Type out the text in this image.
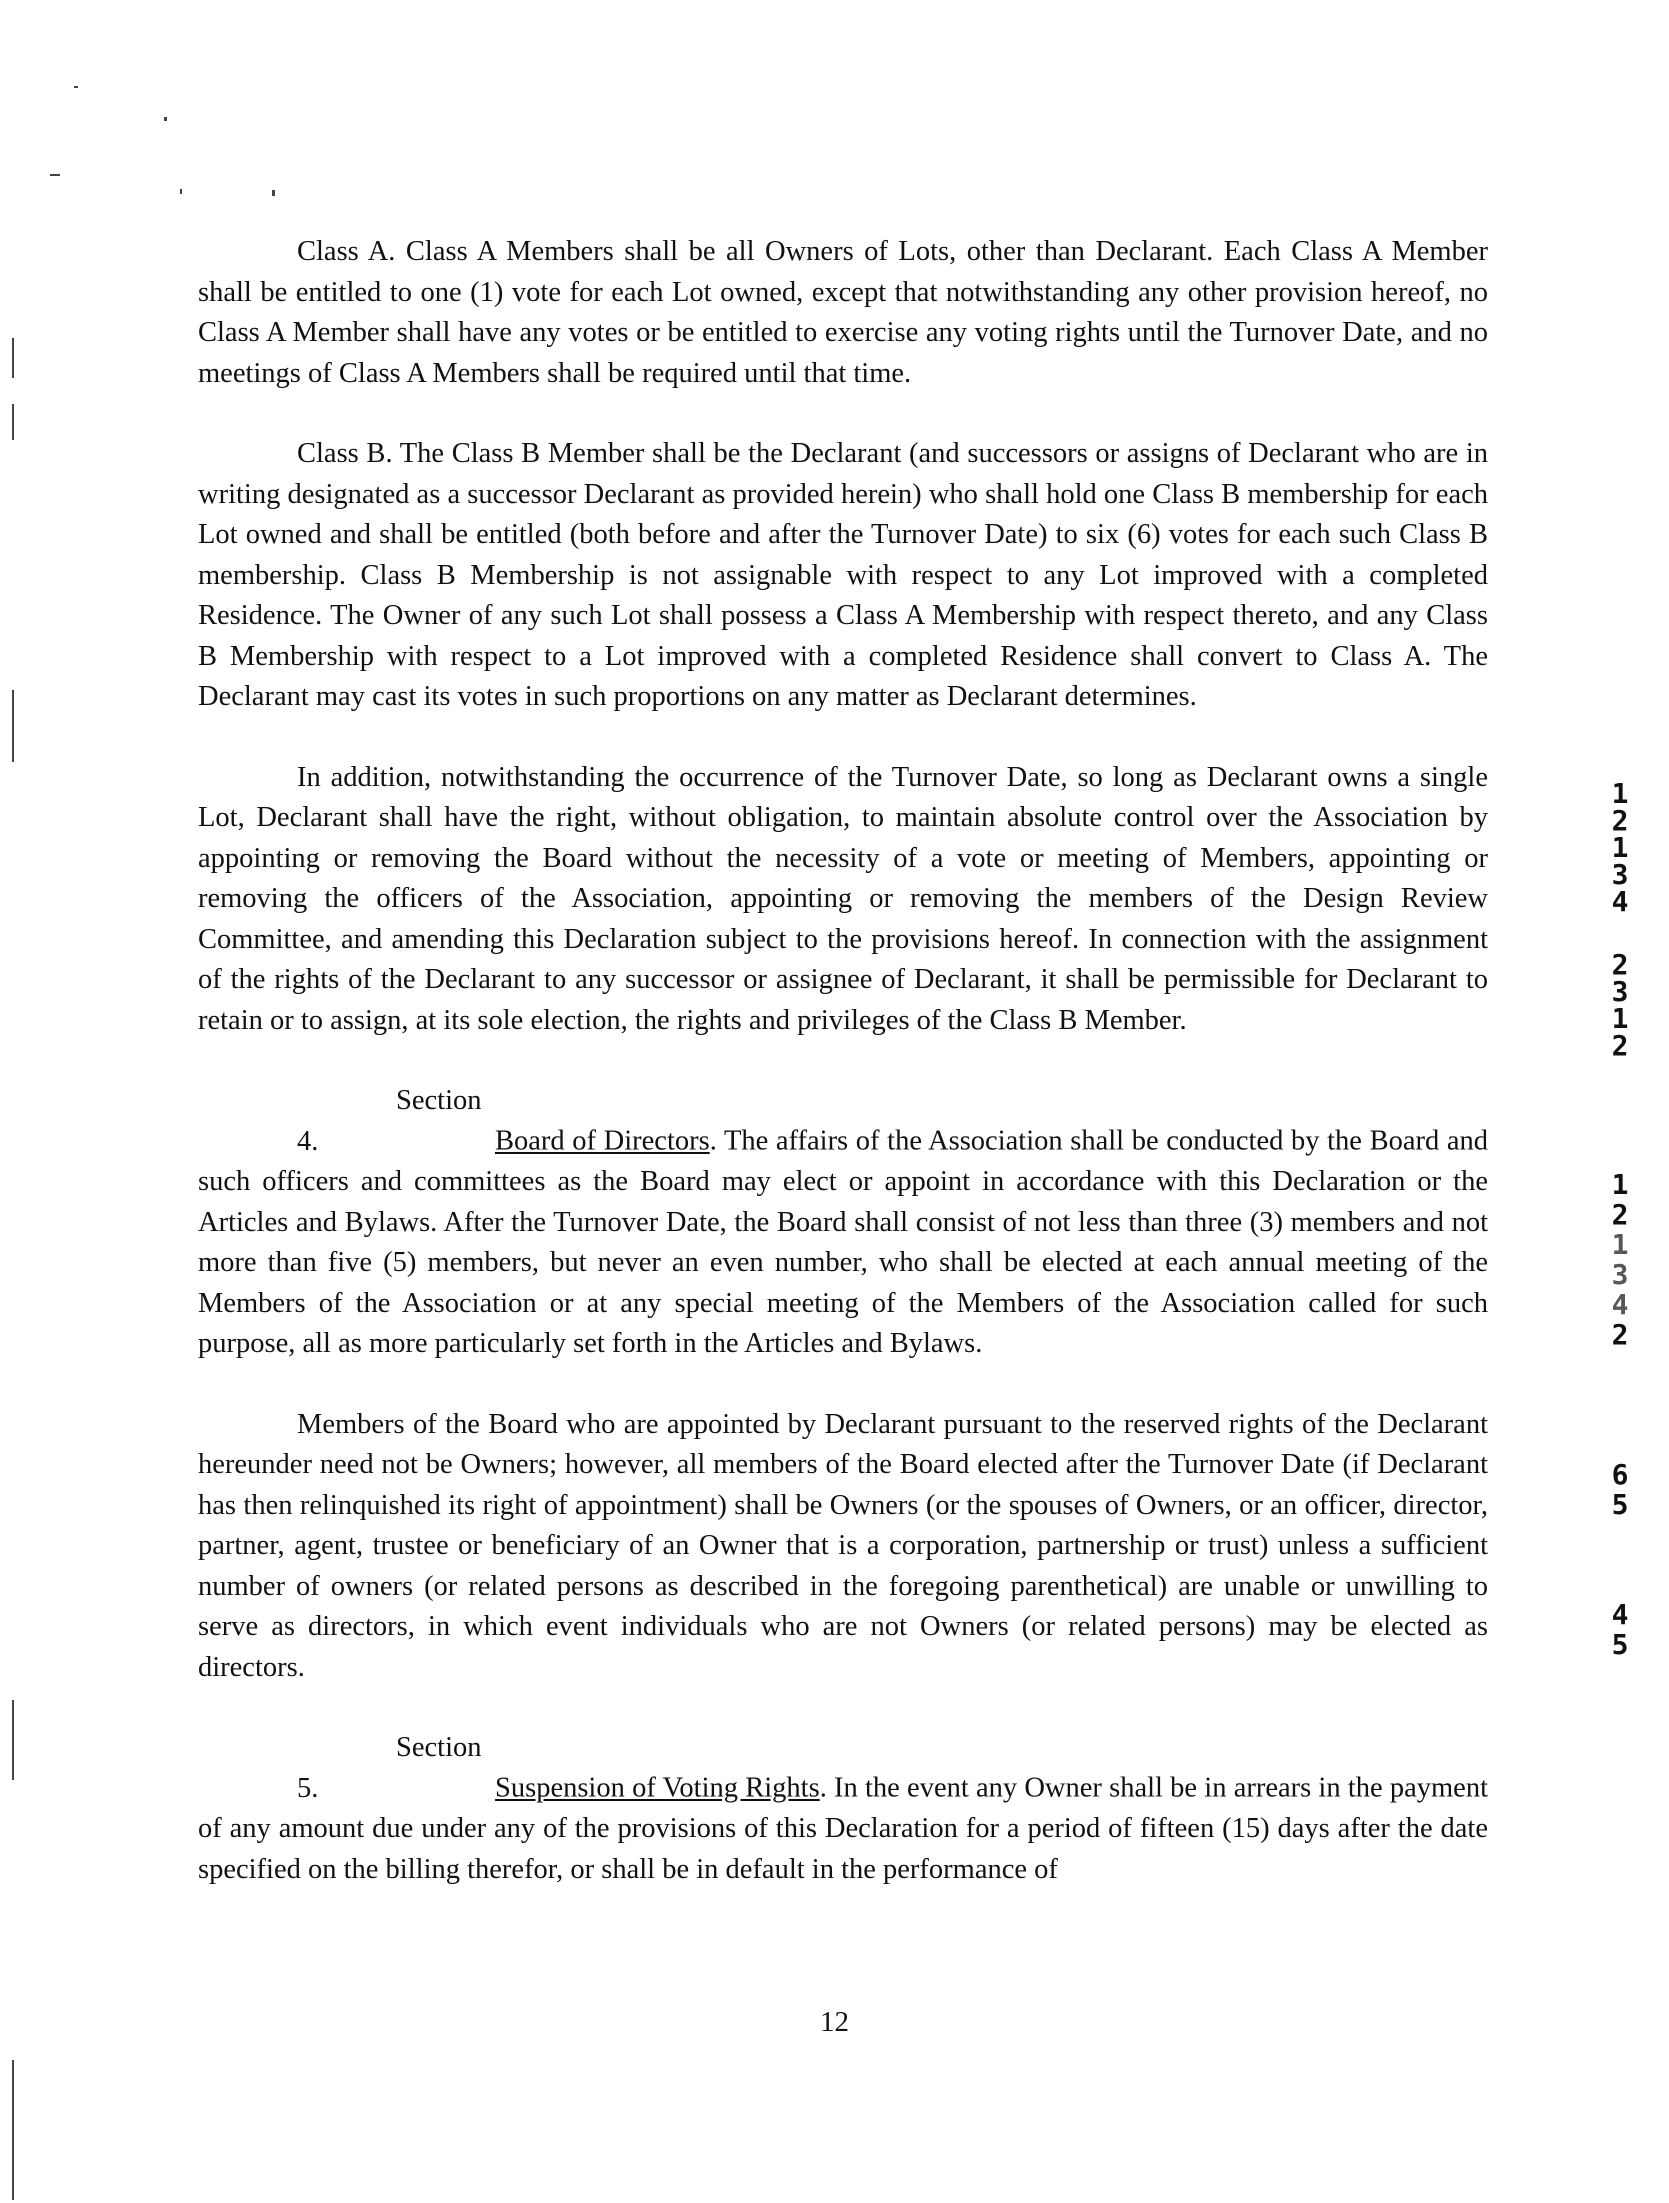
Class A. Class A Members shall be all Owners of Lots, other than Declarant. Each Class A Member shall be entitled to one (1) vote for each Lot owned, except that notwithstanding any other provision hereof, no Class A Member shall have any votes or be entitled to exercise any voting rights until the Turnover Date, and no meetings of Class A Members shall be required until that time.

Class B. The Class B Member shall be the Declarant (and successors or assigns of Declarant who are in writing designated as a successor Declarant as provided herein) who shall hold one Class B membership for each Lot owned and shall be entitled (both before and after the Turnover Date) to six (6) votes for each such Class B membership. Class B Membership is not assignable with respect to any Lot improved with a completed Residence. The Owner of any such Lot shall possess a Class A Membership with respect thereto, and any Class B Membership with respect to a Lot improved with a completed Residence shall convert to Class A. The Declarant may cast its votes in such proportions on any matter as Declarant determines.

In addition, notwithstanding the occurrence of the Turnover Date, so long as Declarant owns a single Lot, Declarant shall have the right, without obligation, to maintain absolute control over the Association by appointing or removing the Board without the necessity of a vote or meeting of Members, appointing or removing the officers of the Association, appointing or removing the members of the Design Review Committee, and amending this Declaration subject to the provisions hereof. In connection with the assignment of the rights of the Declarant to any successor or assignee of Declarant, it shall be permissible for Declarant to retain or to assign, at its sole election, the rights and privileges of the Class B Member.

Section 4.	Board of Directors. The affairs of the Association shall be conducted by the Board and such officers and committees as the Board may elect or appoint in accordance with this Declaration or the Articles and Bylaws. After the Turnover Date, the Board shall consist of not less than three (3) members and not more than five (5) members, but never an even number, who shall be elected at each annual meeting of the Members of the Association or at any special meeting of the Members of the Association called for such purpose, all as more particularly set forth in the Articles and Bylaws.

Members of the Board who are appointed by Declarant pursuant to the reserved rights of the Declarant hereunder need not be Owners; however, all members of the Board elected after the Turnover Date (if Declarant has then relinquished its right of appointment) shall be Owners (or the spouses of Owners, or an officer, director, partner, agent, trustee or beneficiary of an Owner that is a corporation, partnership or trust) unless a sufficient number of owners (or related persons as described in the foregoing parenthetical) are unable or unwilling to serve as directors, in which event individuals who are not Owners (or related persons) may be elected as directors.

Section 5.	Suspension of Voting Rights. In the event any Owner shall be in arrears in the payment of any amount due under any of the provisions of this Declaration for a period of fifteen (15) days after the date specified on the billing therefor, or shall be in default in the performance of

1
2
1
3
4
2
3
1
2
1
2
1
3
4
2
6
5
4
5
12
